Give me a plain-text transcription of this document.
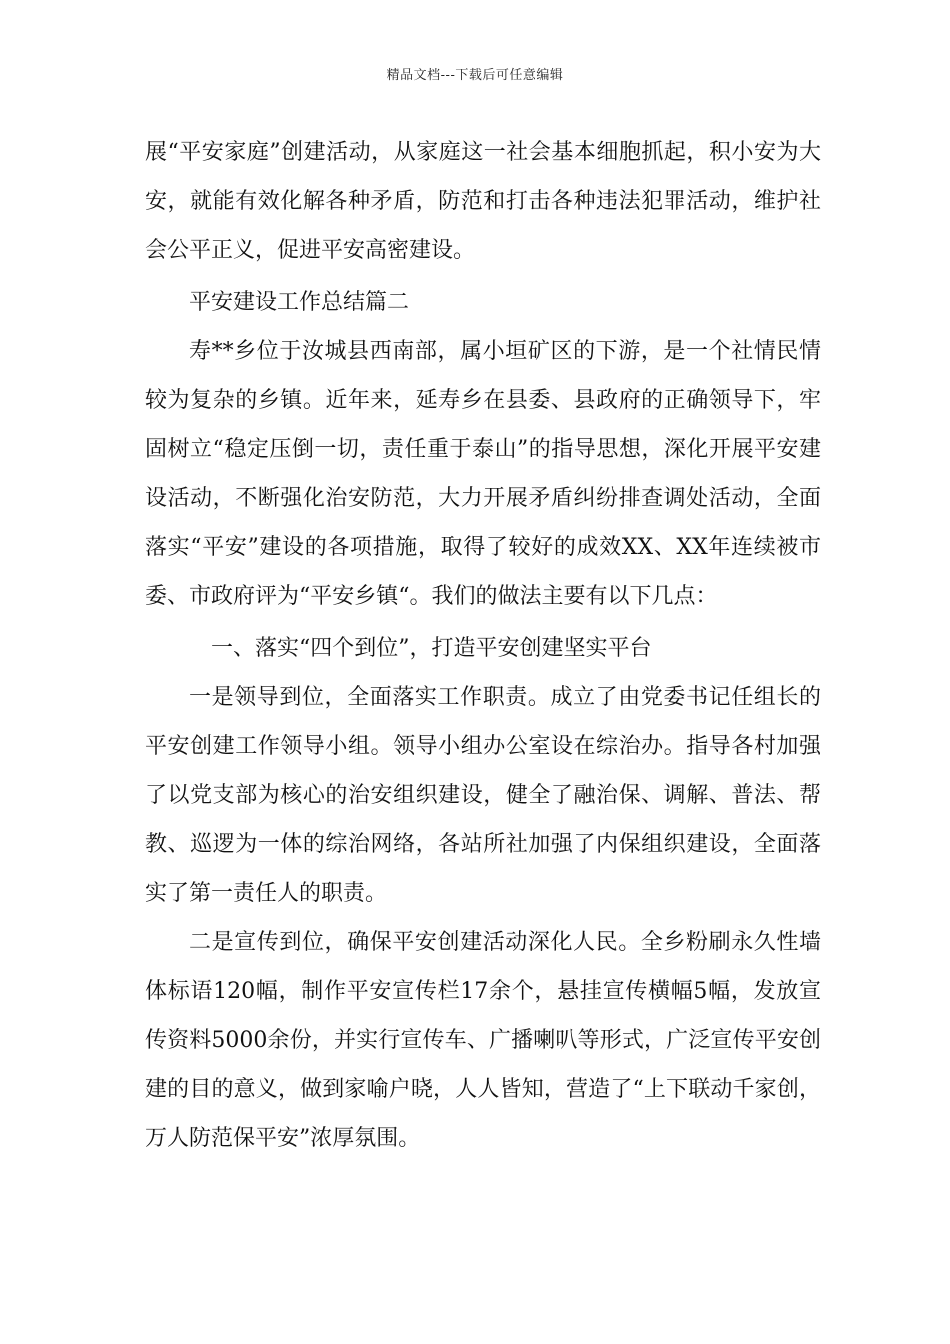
精品文档---下载后可任意编辑

展“平安家庭”创建活动，从家庭这一社会基本细胞抓起，积小安为大安，就能有效化解各种矛盾，防范和打击各种违法犯罪活动，维护社会公平正义，促进平安高密建设。

平安建设工作总结篇二

寿**乡位于汝城县西南部，属小垣矿区的下游，是一个社情民情较为复杂的乡镇。近年来，延寿乡在县委、县政府的正确领导下，牢固树立“稳定压倒一切，责任重于泰山”的指导思想，深化开展平安建设活动，不断强化治安防范，大力开展矛盾纠纷排查调处活动，全面落实“平安”建设的各项措施，取得了较好的成效XX、XX年连续被市委、市政府评为“平安乡镇“。我们的做法主要有以下几点：

一、落实“四个到位”，打造平安创建坚实平台

一是领导到位，全面落实工作职责。成立了由党委书记任组长的平安创建工作领导小组。领导小组办公室设在综治办。指导各村加强了以党支部为核心的治安组织建设，健全了融治保、调解、普法、帮教、巡逻为一体的综治网络，各站所社加强了内保组织建设，全面落实了第一责任人的职责。

二是宣传到位，确保平安创建活动深化人民。全乡粉刷永久性墙体标语120幅，制作平安宣传栏17余个，悬挂宣传横幅5幅，发放宣传资料5000余份，并实行宣传车、广播喇叭等形式，广泛宣传平安创建的目的意义，做到家喻户晓，人人皆知，营造了“上下联动千家创，万人防范保平安”浓厚氛围。
